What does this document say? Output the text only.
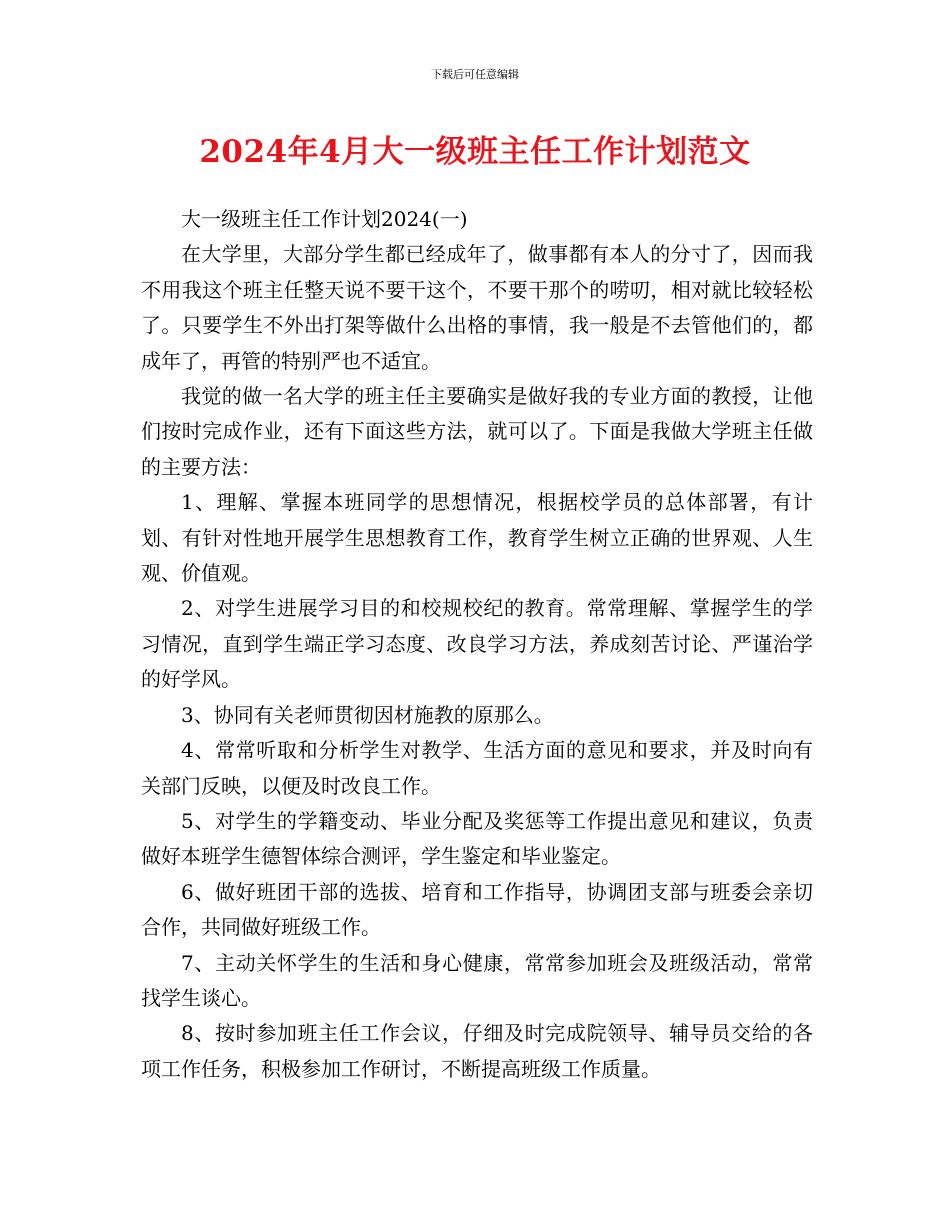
下载后可任意编辑
2024年4月大一级班主任工作计划范文

大一级班主任工作计划2024(一)

在大学里，大部分学生都已经成年了，做事都有本人的分寸了，因而我不用我这个班主任整天说不要干这个，不要干那个的唠叨，相对就比较轻松了。只要学生不外出打架等做什么出格的事情，我一般是不去管他们的，都成年了，再管的特别严也不适宜。

我觉的做一名大学的班主任主要确实是做好我的专业方面的教授，让他们按时完成作业，还有下面这些方法，就可以了。下面是我做大学班主任做的主要方法：

1、理解、掌握本班同学的思想情况，根据校学员的总体部署，有计划、有针对性地开展学生思想教育工作，教育学生树立正确的世界观、人生观、价值观。

2、对学生进展学习目的和校规校纪的教育。常常理解、掌握学生的学习情况，直到学生端正学习态度、改良学习方法，养成刻苦讨论、严谨治学的好学风。

3、协同有关老师贯彻因材施教的原那么。

4、常常听取和分析学生对教学、生活方面的意见和要求，并及时向有关部门反映，以便及时改良工作。

5、对学生的学籍变动、毕业分配及奖惩等工作提出意见和建议，负责做好本班学生德智体综合测评，学生鉴定和毕业鉴定。

6、做好班团干部的选拔、培育和工作指导，协调团支部与班委会亲切合作，共同做好班级工作。

7、主动关怀学生的生活和身心健康，常常参加班会及班级活动，常常找学生谈心。

8、按时参加班主任工作会议，仔细及时完成院领导、辅导员交给的各项工作任务，积极参加工作研讨，不断提高班级工作质量。
